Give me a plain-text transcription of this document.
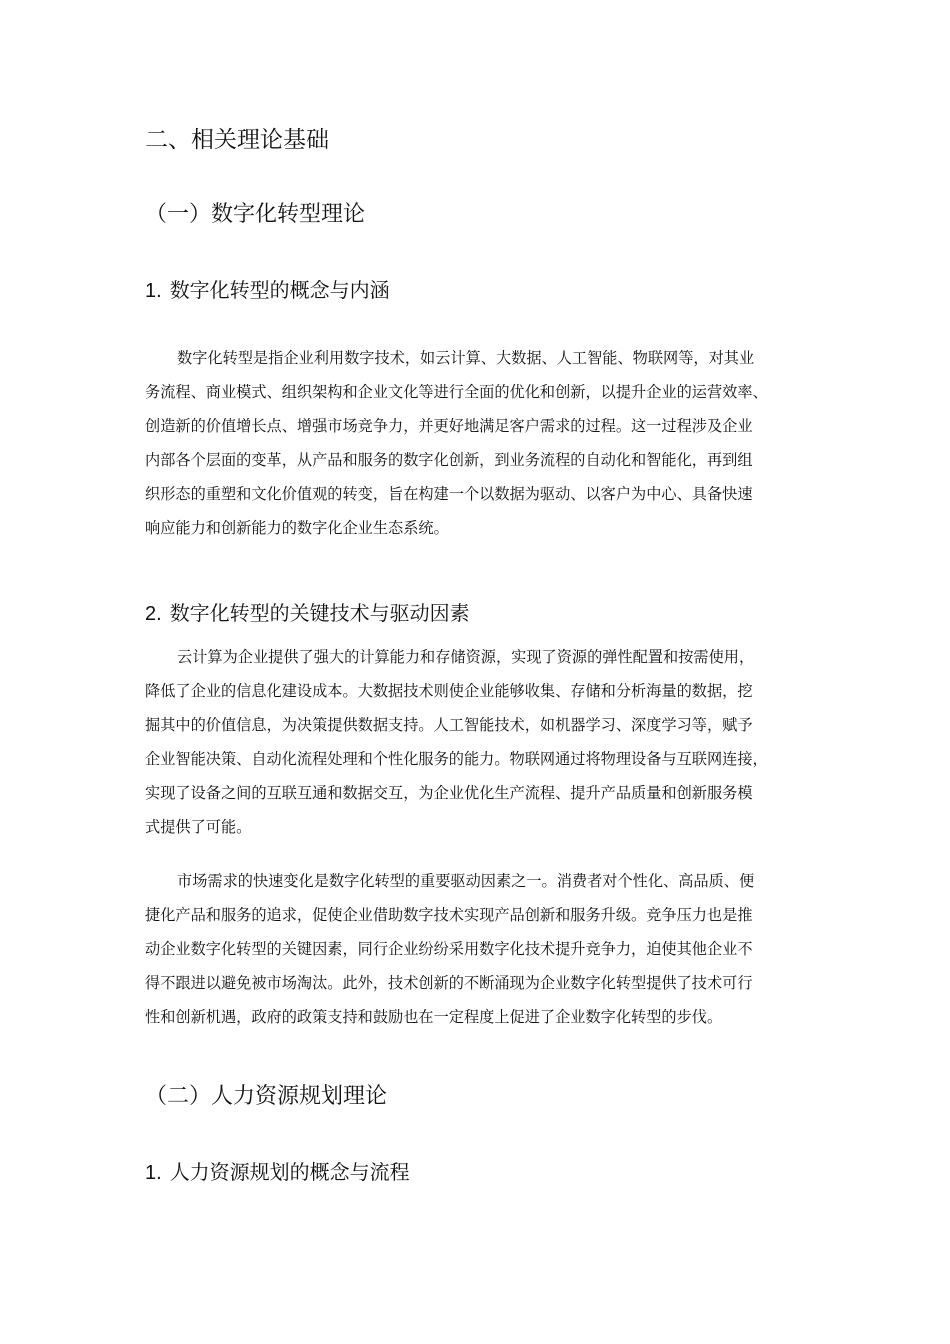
二、相关理论基础
（一）数字化转型理论
1. 数字化转型的概念与内涵
数字化转型是指企业利用数字技术，如云计算、大数据、人工智能、物联网等，对其业
务流程、商业模式、组织架构和企业文化等进行全面的优化和创新，以提升企业的运营效率、
创造新的价值增长点、增强市场竞争力，并更好地满足客户需求的过程。这一过程涉及企业
内部各个层面的变革，从产品和服务的数字化创新，到业务流程的自动化和智能化，再到组
织形态的重塑和文化价值观的转变，旨在构建一个以数据为驱动、以客户为中心、具备快速
响应能力和创新能力的数字化企业生态系统。
2. 数字化转型的关键技术与驱动因素
云计算为企业提供了强大的计算能力和存储资源，实现了资源的弹性配置和按需使用，
降低了企业的信息化建设成本。大数据技术则使企业能够收集、存储和分析海量的数据，挖
掘其中的价值信息，为决策提供数据支持。人工智能技术，如机器学习、深度学习等，赋予
企业智能决策、自动化流程处理和个性化服务的能力。物联网通过将物理设备与互联网连接，
实现了设备之间的互联互通和数据交互，为企业优化生产流程、提升产品质量和创新服务模
式提供了可能。
市场需求的快速变化是数字化转型的重要驱动因素之一。消费者对个性化、高品质、便
捷化产品和服务的追求，促使企业借助数字技术实现产品创新和服务升级。竞争压力也是推
动企业数字化转型的关键因素，同行企业纷纷采用数字化技术提升竞争力，迫使其他企业不
得不跟进以避免被市场淘汰。此外，技术创新的不断涌现为企业数字化转型提供了技术可行
性和创新机遇，政府的政策支持和鼓励也在一定程度上促进了企业数字化转型的步伐。
（二）人力资源规划理论
1. 人力资源规划的概念与流程
